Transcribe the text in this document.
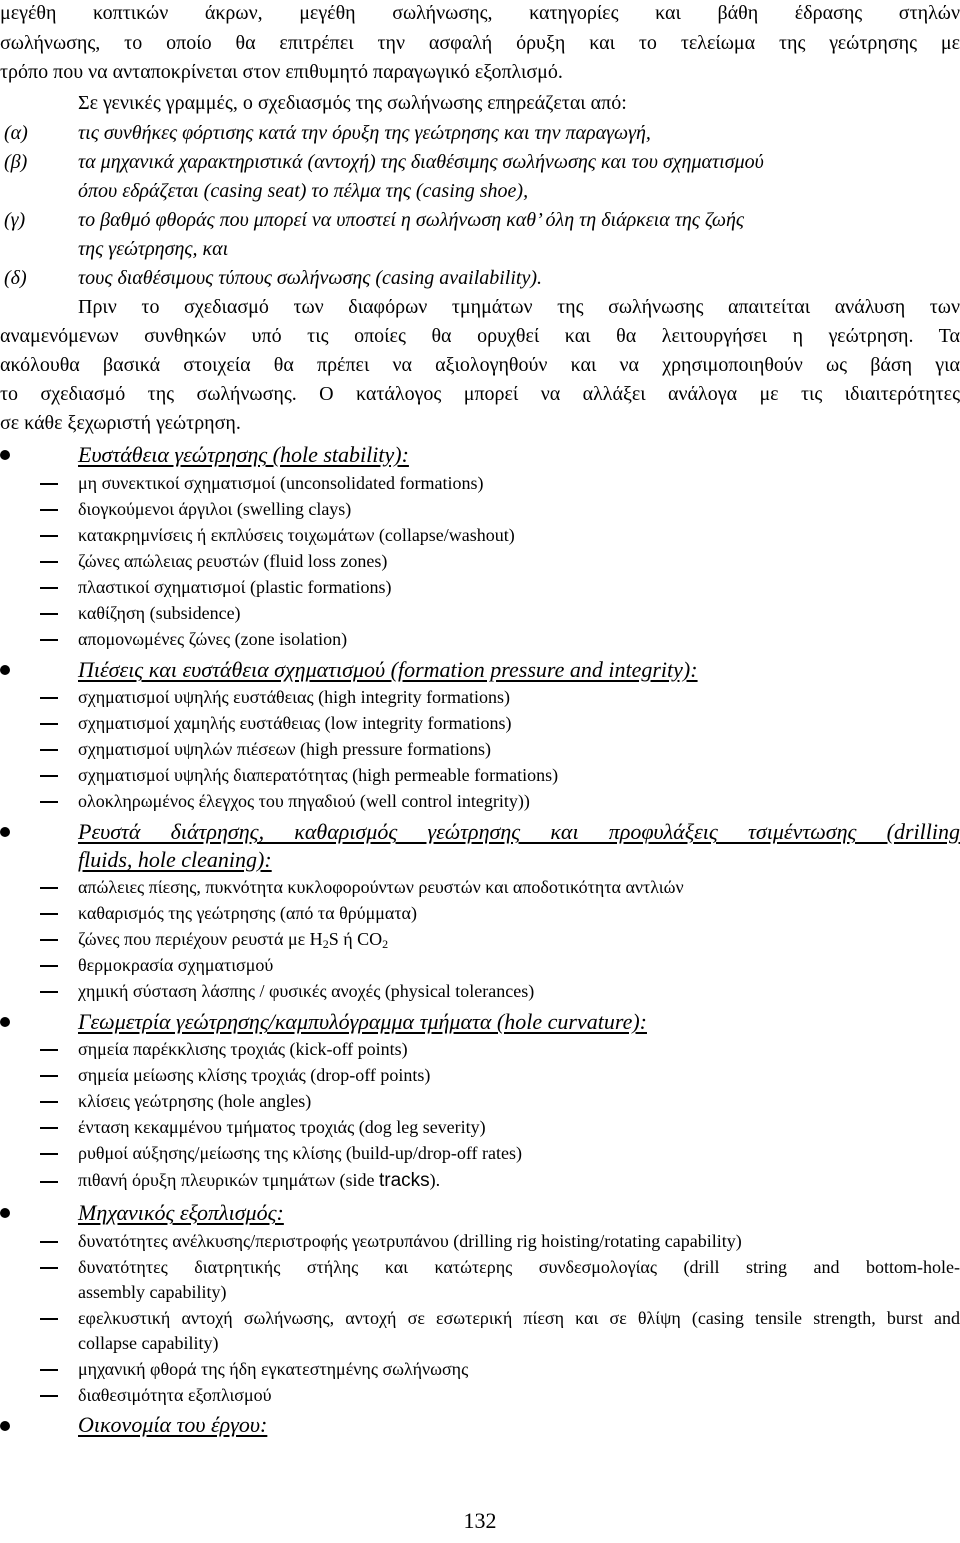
μεγέθη κοπτικών άκρων, μεγέθη σωλήνωσης, κατηγορίες και βάθη έδρασης στηλών
σωλήνωσης, το οποίο θα επιτρέπει την ασφαλή όρυξη και το τελείωμα της γεώτρησης με
τρόπο που να ανταποκρίνεται στον επιθυμητό παραγωγικό εξοπλισμό.
Σε γενικές γραμμές, ο σχεδιασμός της σωλήνωσης επηρεάζεται από:
(α)	τις συνθήκες φόρτισης κατά την όρυξη της γεώτρησης και την παραγωγή,
(β)	τα μηχανικά χαρακτηριστικά (αντοχή) της διαθέσιμης σωλήνωσης και του σχηματισμού
όπου εδράζεται (casing seat) το πέλμα της (casing shoe),
(γ)	το βαθμό φθοράς που μπορεί να υποστεί η σωλήνωση καθ’ όλη τη διάρκεια της ζωής
της γεώτρησης, και
(δ)	τους διαθέσιμους τύπους σωλήνωσης (casing availability).
Πριν το σχεδιασμό των διαφόρων τμημάτων της σωλήνωσης απαιτείται ανάλυση των
αναμενόμενων συνθηκών υπό τις οποίες θα ορυχθεί και θα λειτουργήσει η γεώτρηση. Τα
ακόλουθα βασικά στοιχεία θα πρέπει να αξιολογηθούν και να χρησιμοποιηθούν ως βάση για
το σχεδιασμό της σωλήνωσης. Ο κατάλογος μπορεί να αλλάξει ανάλογα με τις ιδιαιτερότητες
σε κάθε ξεχωριστή γεώτρηση.
Ευστάθεια γεώτρησης (hole stability):
μη συνεκτικοί σχηματισμοί (unconsolidated formations)
διογκούμενοι άργιλοι (swelling clays)
κατακρημνίσεις ή εκπλύσεις τοιχωμάτων (collapse/washout)
ζώνες απώλειας ρευστών (fluid loss zones)
πλαστικοί σχηματισμοί (plastic formations)
καθίζηση (subsidence)
απομονωμένες ζώνες (zone isolation)
Πιέσεις και ευστάθεια σχηματισμού (formation pressure and integrity):
σχηματισμοί υψηλής ευστάθειας (high integrity formations)
σχηματισμοί χαμηλής ευστάθειας (low integrity formations)
σχηματισμοί υψηλών πιέσεων (high pressure formations)
σχηματισμοί υψηλής διαπερατότητας (high permeable formations)
ολοκληρωμένος έλεγχος του πηγαδιού (well control integrity))
Ρευστά διάτρησης, καθαρισμός γεώτρησης και προφυλάξεις τσιμέντωσης (drilling
fluids, hole cleaning):
απώλειες πίεσης, πυκνότητα κυκλοφορούντων ρευστών και αποδοτικότητα αντλιών
καθαρισμός της γεώτρησης (από τα θρύμματα)
ζώνες που περιέχουν ρευστά με $H_2S$ ή $CO_2$
θερμοκρασία σχηματισμού
χημική σύσταση λάσπης / φυσικές ανοχές (physical tolerances)
Γεωμετρία γεώτρησης/καμπυλόγραμμα τμήματα (hole curvature):
σημεία παρέκκλισης τροχιάς (kick-off points)
σημεία μείωσης κλίσης τροχιάς (drop-off points)
κλίσεις γεώτρησης (hole angles)
ένταση κεκαμμένου τμήματος τροχιάς (dog leg severity)
ρυθμοί αύξησης/μείωσης της κλίσης (build-up/drop-off rates)
πιθανή όρυξη πλευρικών τμημάτων (side tracks).
Μηχανικός εξοπλισμός:
δυνατότητες ανέλκυσης/περιστροφής γεωτρυπάνου (drilling rig hoisting/rotating capability)
δυνατότητες διατρητικής στήλης και κατώτερης συνδεσμολογίας (drill string and bottom-hole-
assembly capability)
εφελκυστική αντοχή σωλήνωσης, αντοχή σε εσωτερική πίεση και σε θλίψη (casing tensile strength, burst and
collapse capability)
μηχανική φθορά της ήδη εγκατεστημένης σωλήνωσης
διαθεσιμότητα εξοπλισμού
Οικονομία του έργου:
132
